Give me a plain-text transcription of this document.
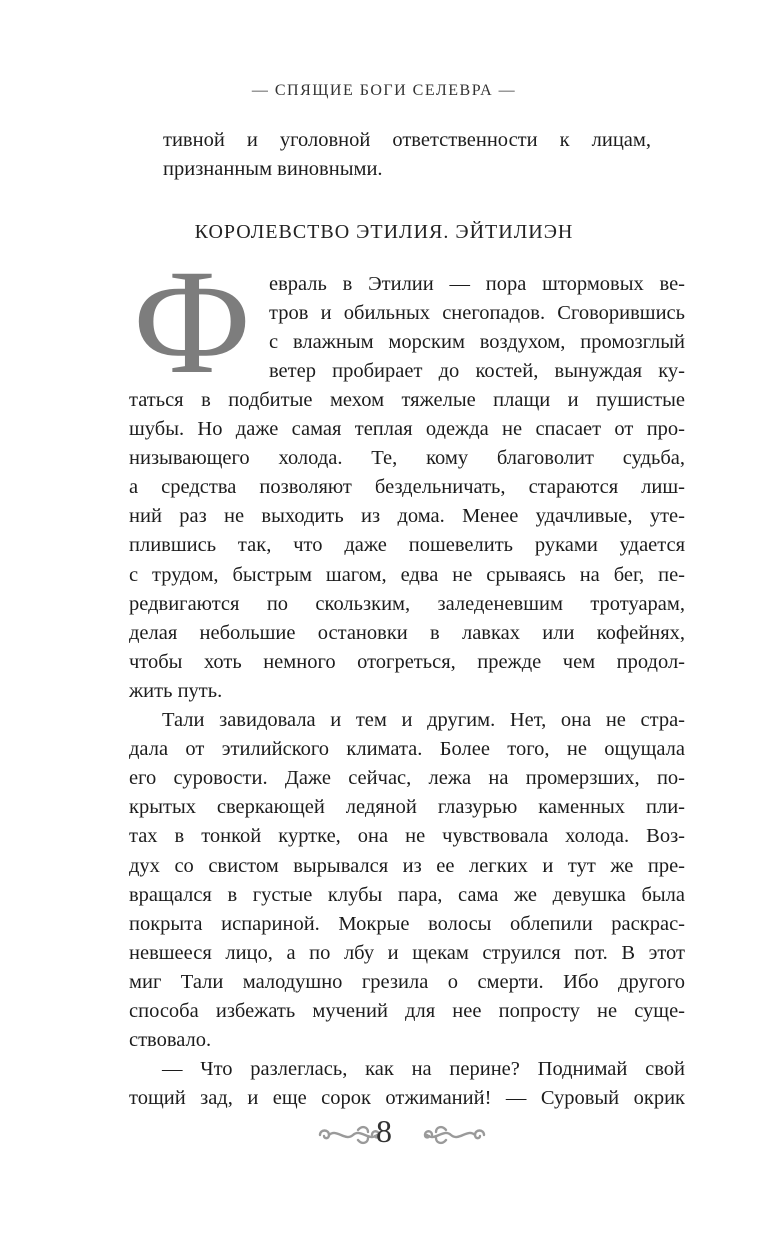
— СПЯЩИЕ БОГИ СЕЛЕВРА —
тивной и уголовной ответственности к лицам,
признанным виновными.
КОРОЛЕВСТВО ЭТИЛИЯ. ЭЙТИЛИЭН
Ф евраль в Этилии — пора штормовых ве-
тров и обильных снегопадов. Сговорившись
с влажным морским воздухом, промозглый
ветер пробирает до костей, вынуждая ку-
таться в подбитые мехом тяжелые плащи и пушистые
шубы. Но даже самая теплая одежда не спасает от про-
низывающего холода. Те, кому благоволит судьба,
а средства позволяют бездельничать, стараются лиш-
ний раз не выходить из дома. Менее удачливые, уте-
плившись так, что даже пошевелить руками удается
с трудом, быстрым шагом, едва не срываясь на бег, пе-
редвигаются по скользким, заледеневшим тротуарам,
делая небольшие остановки в лавках или кофейнях,
чтобы хоть немного отогреться, прежде чем продол-
жить путь.
Тали завидовала и тем и другим. Нет, она не стра-
дала от этилийского климата. Более того, не ощущала
его суровости. Даже сейчас, лежа на промерзших, по-
крытых сверкающей ледяной глазурью каменных пли-
тах в тонкой куртке, она не чувствовала холода. Воз-
дух со свистом вырывался из ее легких и тут же пре-
вращался в густые клубы пара, сама же девушка была
покрыта испариной. Мокрые волосы облепили раскрас-
невшееся лицо, а по лбу и щекам струился пот. В этот
миг Тали малодушно грезила о смерти. Ибо другого
способа избежать мучений для нее попросту не суще-
ствовало.
— Что разлеглась, как на перине? Поднимай свой
тощий зад, и еще сорок отжиманий! — Суровый окрик
8
